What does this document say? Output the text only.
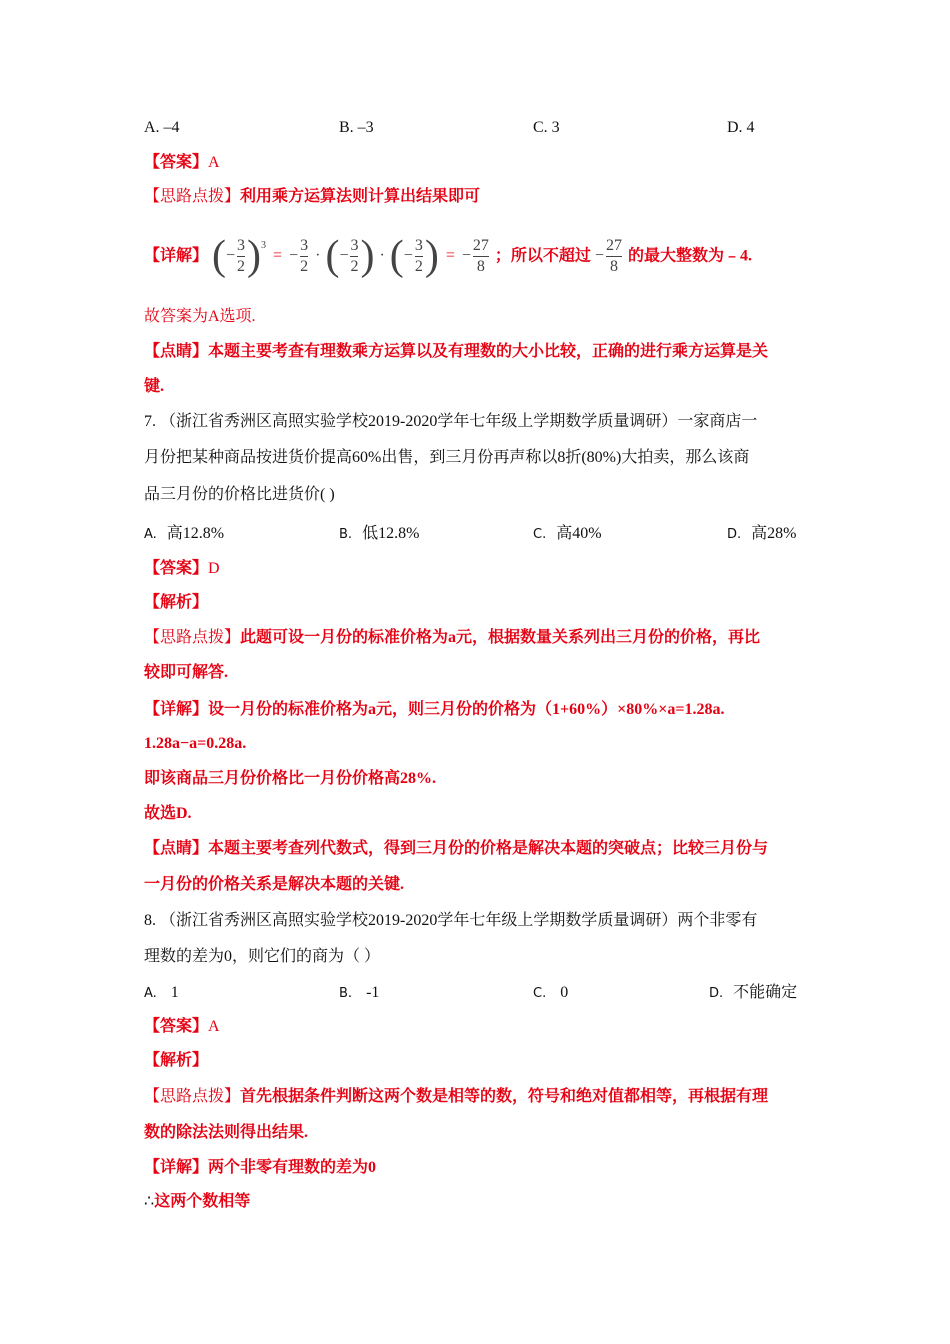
A. –4	B. –3	C. 3	D. 4
【答案】A
【思路点拨】利用乘方运算法则计算出结果即可
【详解】 (− $\frac{3}{2} )3$ = − $\frac{3}{2}$ · (− $\frac{3}{2}$ ) · (− $\frac{3}{2}$ ) = − $\frac{27}{8}$ ；所以不超过 − $\frac{27}{8}$ 的最大整数为﹣4.
故答案为A选项.
【点睛】本题主要考查有理数乘方运算以及有理数的大小比较，正确的进行乘方运算是关
键.
7. （浙江省秀洲区高照实验学校2019-2020学年七年级上学期数学质量调研）一家商店一
月份把某种商品按进货价提高60%出售，到三月份再声称以8折(80%)大拍卖，那么该商
品三月份的价格比进货价( )
A. 高12.8%	B. 低12.8%	C. 高40%	D. 高28%
【答案】D
【解析】
【思路点拨】此题可设一月份的标准价格为a元，根据数量关系列出三月份的价格，再比
较即可解答.
【详解】设一月份的标准价格为a元，则三月份的价格为（1+60%）×80%×a=1.28a.
1.28a−a=0.28a.
即该商品三月份价格比一月份价格高28%.
故选D.
【点睛】本题主要考查列代数式，得到三月份的价格是解决本题的突破点；比较三月份与
一月份的价格关系是解决本题的关键.
8. （浙江省秀洲区高照实验学校2019-2020学年七年级上学期数学质量调研）两个非零有
理数的差为0，则它们的商为（ ）
A. 1	B. -1	C. 0	D. 不能确定
【答案】A
【解析】
【思路点拨】首先根据条件判断这两个数是相等的数，符号和绝对值都相等，再根据有理
数的除法法则得出结果.
【详解】两个非零有理数的差为0
∴这两个数相等
